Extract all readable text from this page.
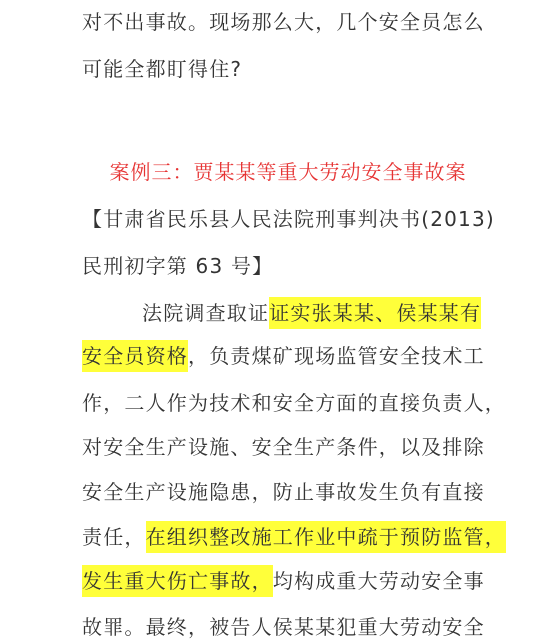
对不出事故。现场那么大，几个安全员怎么
可能全都盯得住?
案例三：贾某某等重大劳动安全事故案
【甘肃省民乐县人民法院刑事判决书(2013)
民刑初字第 63 号】
法院调查取证证实张某某、侯某某有
安全员资格，负责煤矿现场监管安全技术工
作，二人作为技术和安全方面的直接负责人，
对安全生产设施、安全生产条件，以及排除
安全生产设施隐患，防止事故发生负有直接
责任，在组织整改施工作业中疏于预防监管，
发生重大伤亡事故，均构成重大劳动安全事
故罪。最终，被告人侯某某犯重大劳动安全
